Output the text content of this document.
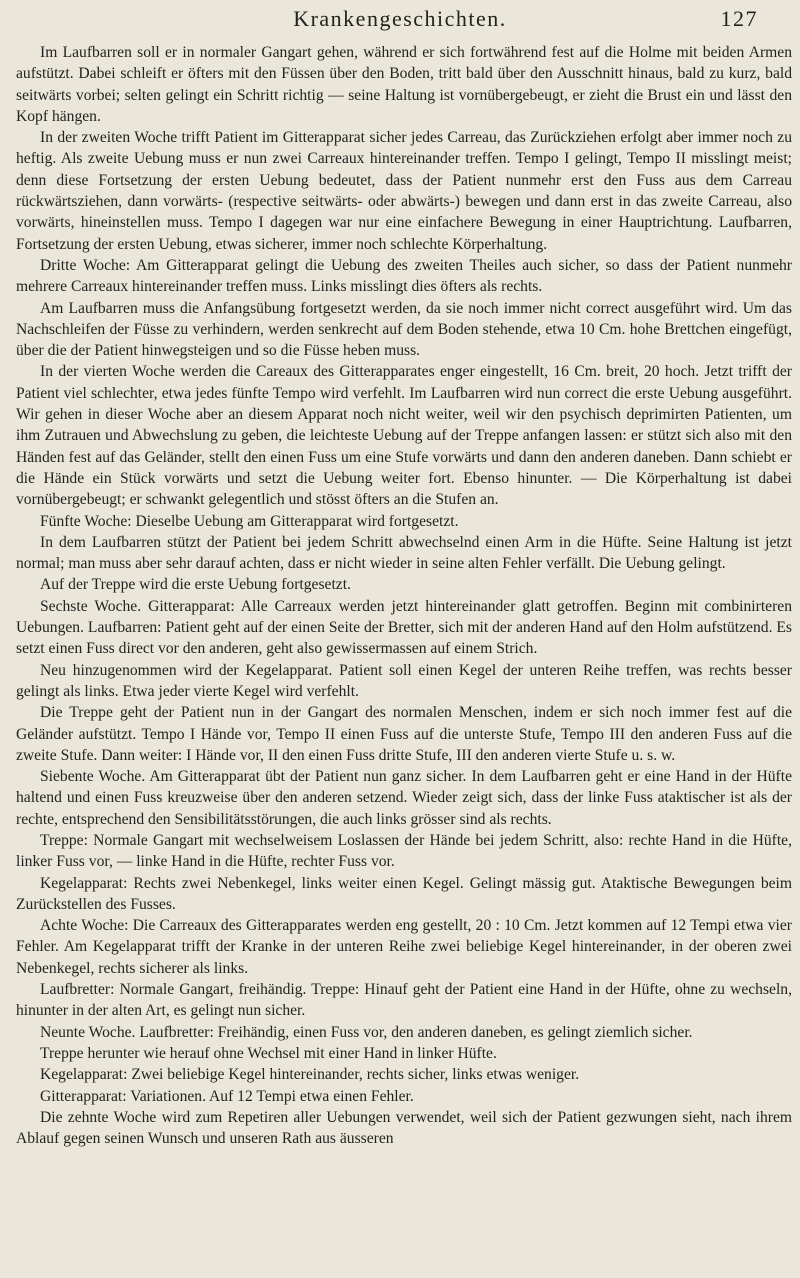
Krankengeschichten.	127

Im Laufbarren soll er in normaler Gangart gehen, während er sich fortwährend fest auf die Holme mit beiden Armen aufstützt. Dabei schleift er öfters mit den Füssen über den Boden, tritt bald über den Ausschnitt hinaus, bald zu kurz, bald seitwärts vorbei; selten gelingt ein Schritt richtig — seine Haltung ist vornübergebeugt, er zieht die Brust ein und lässt den Kopf hängen.

In der zweiten Woche trifft Patient im Gitterapparat sicher jedes Carreau, das Zurückziehen erfolgt aber immer noch zu heftig. Als zweite Uebung muss er nun zwei Carreaux hintereinander treffen. Tempo I gelingt, Tempo II misslingt meist; denn diese Fortsetzung der ersten Uebung bedeutet, dass der Patient nunmehr erst den Fuss aus dem Carreau rückwärtsziehen, dann vorwärts- (respective seitwärts- oder abwärts-) bewegen und dann erst in das zweite Carreau, also vorwärts, hineinstellen muss. Tempo I dagegen war nur eine einfachere Bewegung in einer Hauptrichtung. Laufbarren, Fortsetzung der ersten Uebung, etwas sicherer, immer noch schlechte Körperhaltung.

Dritte Woche: Am Gitterapparat gelingt die Uebung des zweiten Theiles auch sicher, so dass der Patient nunmehr mehrere Carreaux hintereinander treffen muss. Links misslingt dies öfters als rechts.

Am Laufbarren muss die Anfangsübung fortgesetzt werden, da sie noch immer nicht correct ausgeführt wird. Um das Nachschleifen der Füsse zu verhindern, werden senkrecht auf dem Boden stehende, etwa 10 Cm. hohe Brettchen eingefügt, über die der Patient hinwegsteigen und so die Füsse heben muss.

In der vierten Woche werden die Careaux des Gitterapparates enger eingestellt, 16 Cm. breit, 20 hoch. Jetzt trifft der Patient viel schlechter, etwa jedes fünfte Tempo wird verfehlt. Im Laufbarren wird nun correct die erste Uebung ausgeführt. Wir gehen in dieser Woche aber an diesem Apparat noch nicht weiter, weil wir den psychisch deprimirten Patienten, um ihm Zutrauen und Abwechslung zu geben, die leichteste Uebung auf der Treppe anfangen lassen: er stützt sich also mit den Händen fest auf das Geländer, stellt den einen Fuss um eine Stufe vorwärts und dann den anderen daneben. Dann schiebt er die Hände ein Stück vorwärts und setzt die Uebung weiter fort. Ebenso hinunter. — Die Körperhaltung ist dabei vornübergebeugt; er schwankt gelegentlich und stösst öfters an die Stufen an.

Fünfte Woche: Dieselbe Uebung am Gitterapparat wird fortgesetzt.

In dem Laufbarren stützt der Patient bei jedem Schritt abwechselnd einen Arm in die Hüfte. Seine Haltung ist jetzt normal; man muss aber sehr darauf achten, dass er nicht wieder in seine alten Fehler verfällt. Die Uebung gelingt.

Auf der Treppe wird die erste Uebung fortgesetzt.

Sechste Woche. Gitterapparat: Alle Carreaux werden jetzt hintereinander glatt getroffen. Beginn mit combinirteren Uebungen. Laufbarren: Patient geht auf der einen Seite der Bretter, sich mit der anderen Hand auf den Holm aufstützend. Es setzt einen Fuss direct vor den anderen, geht also gewissermassen auf einem Strich.

Neu hinzugenommen wird der Kegelapparat. Patient soll einen Kegel der unteren Reihe treffen, was rechts besser gelingt als links. Etwa jeder vierte Kegel wird verfehlt.

Die Treppe geht der Patient nun in der Gangart des normalen Menschen, indem er sich noch immer fest auf die Geländer aufstützt. Tempo I Hände vor, Tempo II einen Fuss auf die unterste Stufe, Tempo III den anderen Fuss auf die zweite Stufe. Dann weiter: I Hände vor, II den einen Fuss dritte Stufe, III den anderen vierte Stufe u. s. w.

Siebente Woche. Am Gitterapparat übt der Patient nun ganz sicher. In dem Laufbarren geht er eine Hand in der Hüfte haltend und einen Fuss kreuzweise über den anderen setzend. Wieder zeigt sich, dass der linke Fuss ataktischer ist als der rechte, entsprechend den Sensibilitätsstörungen, die auch links grösser sind als rechts.

Treppe: Normale Gangart mit wechselweisem Loslassen der Hände bei jedem Schritt, also: rechte Hand in die Hüfte, linker Fuss vor, — linke Hand in die Hüfte, rechter Fuss vor.

Kegelapparat: Rechts zwei Nebenkegel, links weiter einen Kegel. Gelingt mässig gut. Ataktische Bewegungen beim Zurückstellen des Fusses.

Achte Woche: Die Carreaux des Gitterapparates werden eng gestellt, 20 : 10 Cm. Jetzt kommen auf 12 Tempi etwa vier Fehler. Am Kegelapparat trifft der Kranke in der unteren Reihe zwei beliebige Kegel hintereinander, in der oberen zwei Nebenkegel, rechts sicherer als links.

Laufbretter: Normale Gangart, freihändig. Treppe: Hinauf geht der Patient eine Hand in der Hüfte, ohne zu wechseln, hinunter in der alten Art, es gelingt nun sicher.

Neunte Woche. Laufbretter: Freihändig, einen Fuss vor, den anderen daneben, es gelingt ziemlich sicher.

Treppe herunter wie herauf ohne Wechsel mit einer Hand in linker Hüfte.

Kegelapparat: Zwei beliebige Kegel hintereinander, rechts sicher, links etwas weniger.

Gitterapparat: Variationen. Auf 12 Tempi etwa einen Fehler.

Die zehnte Woche wird zum Repetiren aller Uebungen verwendet, weil sich der Patient gezwungen sieht, nach ihrem Ablauf gegen seinen Wunsch und unseren Rath aus äusseren
